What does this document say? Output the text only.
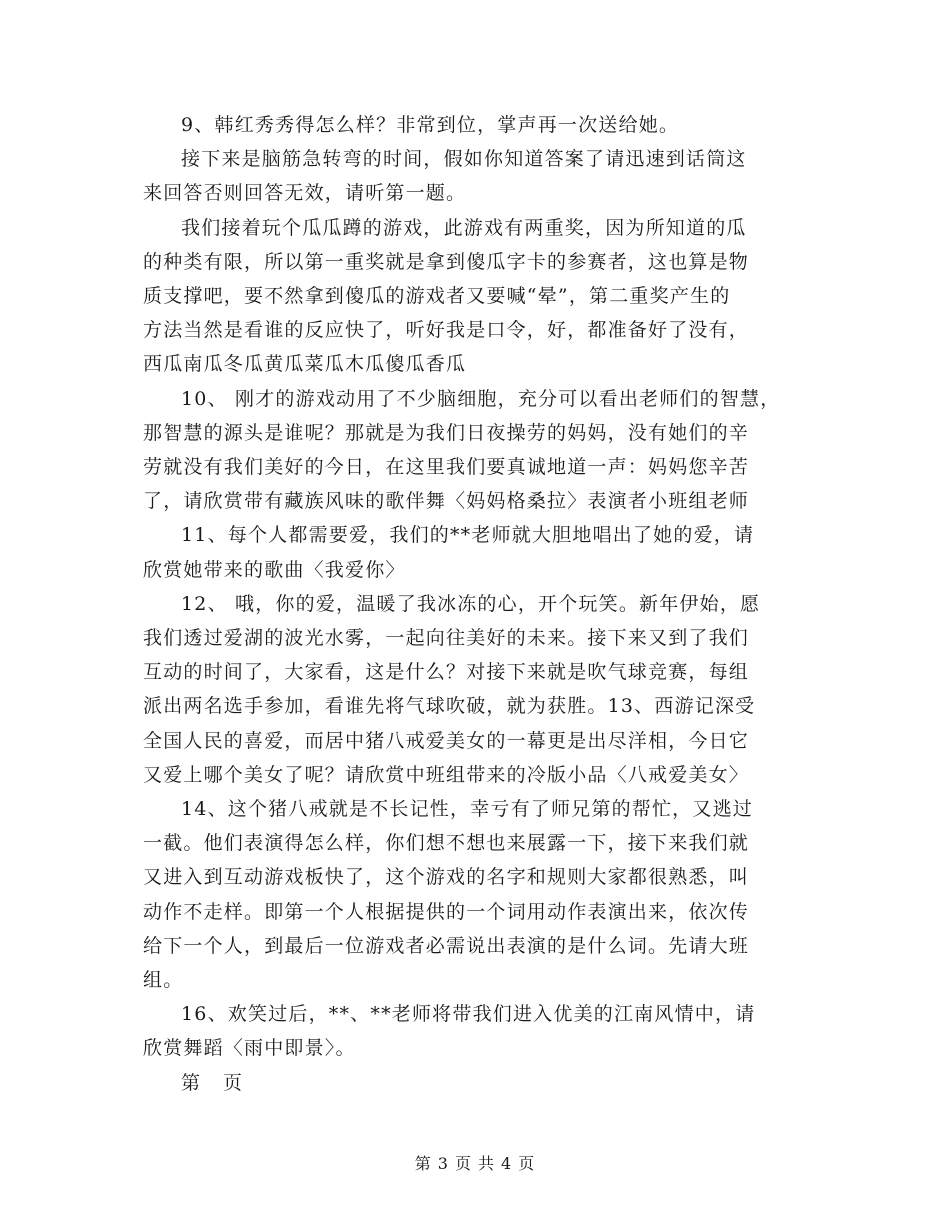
9、韩红秀秀得怎么样？非常到位，掌声再一次送给她。

接下来是脑筋急转弯的时间，假如你知道答案了请迅速到话筒这
来回答否则回答无效，请听第一题。

我们接着玩个瓜瓜蹲的游戏，此游戏有两重奖，因为所知道的瓜
的种类有限，所以第一重奖就是拿到傻瓜字卡的参赛者，这也算是物
质支撑吧，要不然拿到傻瓜的游戏者又要喊“晕”，第二重奖产生的
方法当然是看谁的反应快了，听好我是口令，好，都准备好了没有，
西瓜南瓜冬瓜黄瓜菜瓜木瓜傻瓜香瓜

10、 刚才的游戏动用了不少脑细胞，充分可以看出老师们的智慧，
那智慧的源头是谁呢？那就是为我们日夜操劳的妈妈，没有她们的辛
劳就没有我们美好的今日，在这里我们要真诚地道一声：妈妈您辛苦
了，请欣赏带有藏族风味的歌伴舞〈妈妈格桑拉〉表演者小班组老师

11、每个人都需要爱，我们的**老师就大胆地唱出了她的爱，请
欣赏她带来的歌曲〈我爱你〉

12、 哦，你的爱，温暖了我冰冻的心，开个玩笑。新年伊始，愿
我们透过爱湖的波光水雾，一起向往美好的未来。接下来又到了我们
互动的时间了，大家看，这是什么？对接下来就是吹气球竞赛，每组
派出两名选手参加，看谁先将气球吹破，就为获胜。13、西游记深受
全国人民的喜爱，而居中猪八戒爱美女的一幕更是出尽洋相，今日它
又爱上哪个美女了呢？请欣赏中班组带来的冷版小品〈八戒爱美女〉

14、这个猪八戒就是不长记性，幸亏有了师兄第的帮忙，又逃过
一截。他们表演得怎么样，你们想不想也来展露一下，接下来我们就
又进入到互动游戏板快了，这个游戏的名字和规则大家都很熟悉，叫
动作不走样。即第一个人根据提供的一个词用动作表演出来，依次传
给下一个人，到最后一位游戏者必需说出表演的是什么词。先请大班
组。

16、欢笑过后，**、**老师将带我们进入优美的江南风情中，请
欣赏舞蹈〈雨中即景〉。

第 页

第 3 页 共 4 页
